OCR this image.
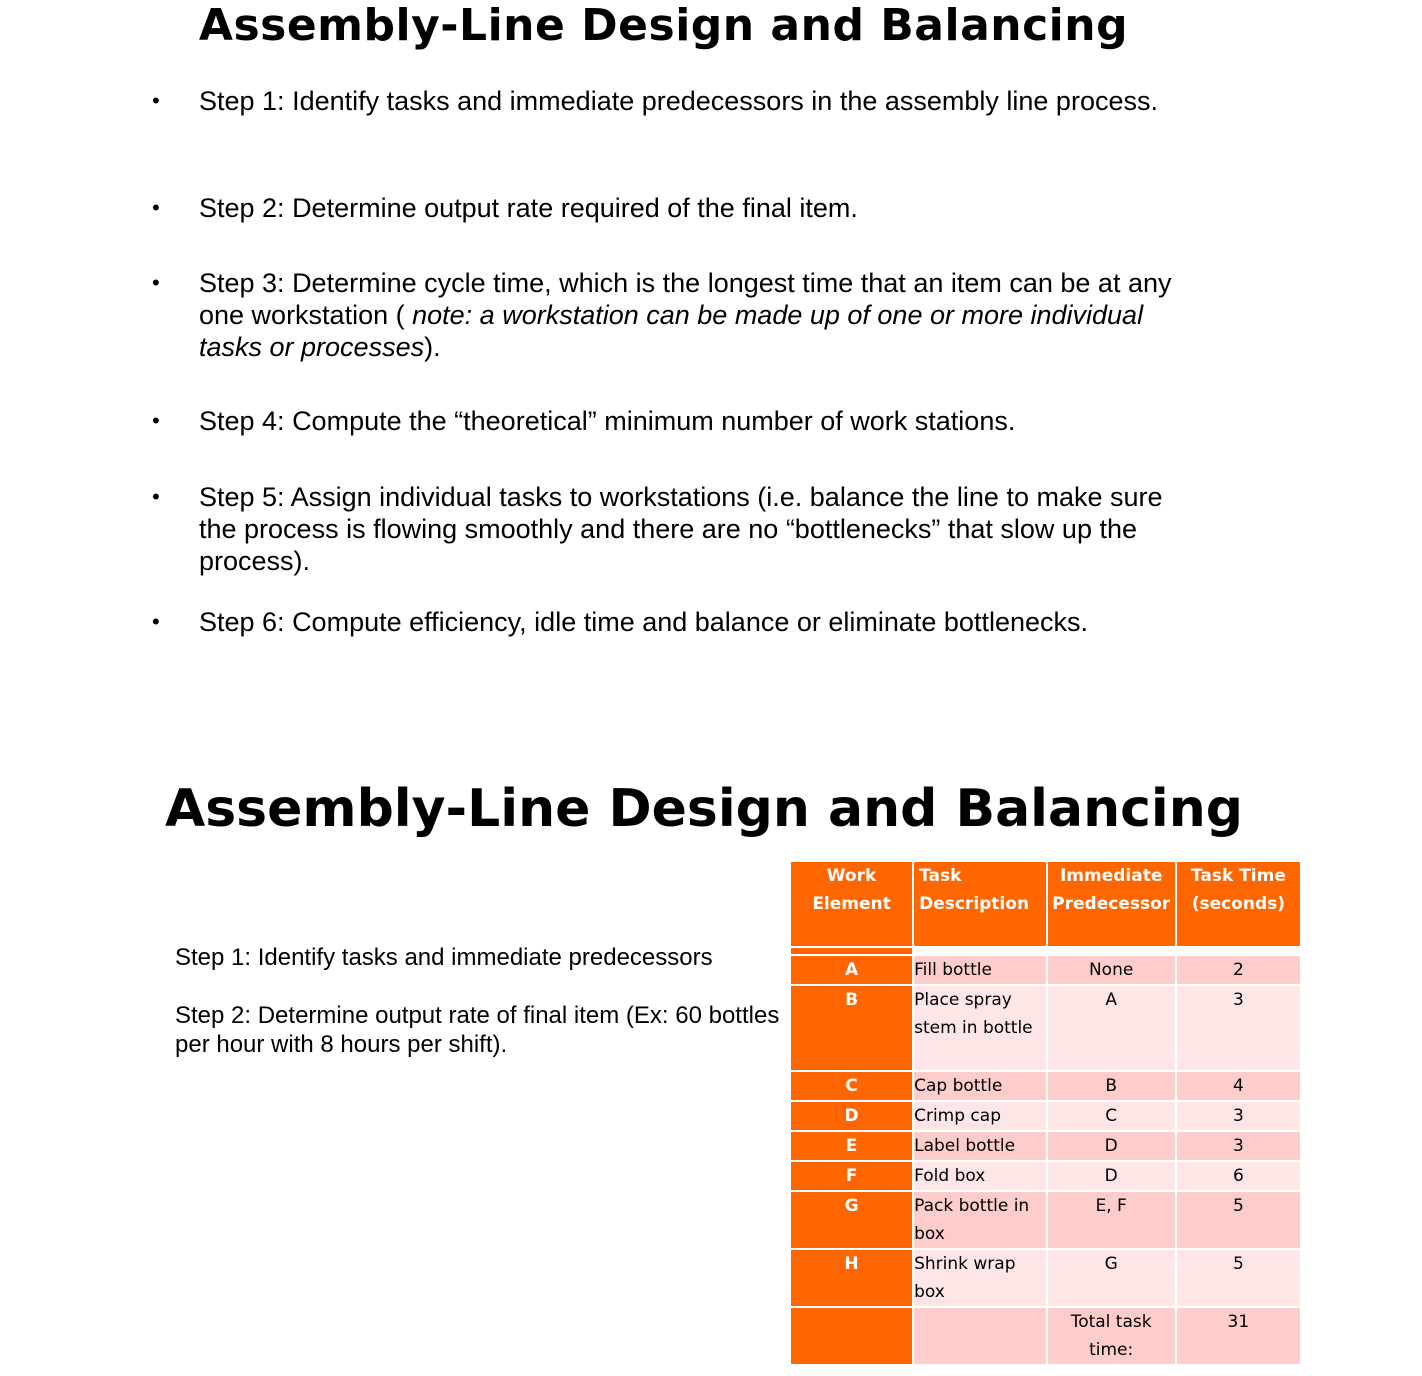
Assembly-Line Design and Balancing
• Step 1: Identify tasks and immediate predecessors in the assembly line process.
• Step 2: Determine output rate required of the final item.
• Step 3: Determine cycle time, which is the longest time that an item can be at any one workstation ( note: a workstation can be made up of one or more individual tasks or processes).
• Step 4: Compute the “theoretical” minimum number of work stations.
• Step 5: Assign individual tasks to workstations (i.e. balance the line to make sure the process is flowing smoothly and there are no “bottlenecks” that slow up the process).
• Step 6: Compute efficiency, idle time and balance or eliminate bottlenecks.
Assembly-Line Design and Balancing

Step 1: Identify tasks and immediate predecessors

Step 2: Determine output rate of final item (Ex: 60 bottles per hour with 8 hours per shift).

Work Element	Task Description	Immediate Predecessor	Task Time (seconds)

A	Fill bottle	None	2
B	Place spray stem in bottle	A	3
C	Cap bottle	B	4
D	Crimp cap	C	3
E	Label bottle	D	3
F	Fold box	D	6
G	Pack bottle in box	E, F	5
H	Shrink wrap box	G	5
		Total task time:	31
